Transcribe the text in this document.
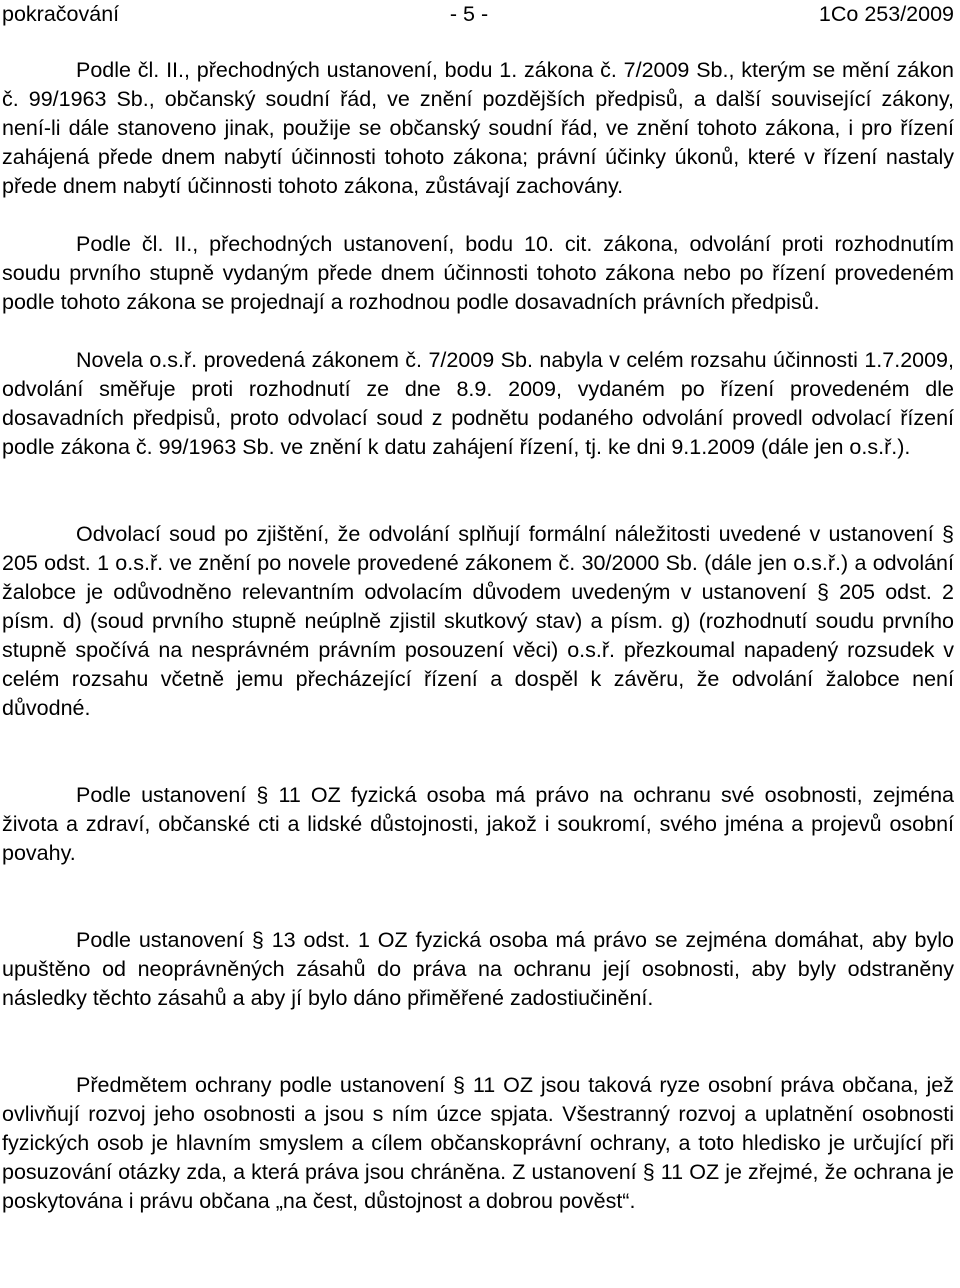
pokračování	- 5 -	1Co 253/2009

Podle čl. II., přechodných ustanovení, bodu 1. zákona č. 7/2009 Sb., kterým se mění zákon č. 99/1963 Sb., občanský soudní řád, ve znění pozdějších předpisů, a další související zákony, není-li dále stanoveno jinak, použije se občanský soudní řád, ve znění tohoto zákona, i pro řízení zahájená přede dnem nabytí účinnosti tohoto zákona; právní účinky úkonů, které v řízení nastaly přede dnem nabytí účinnosti tohoto zákona, zůstávají zachovány.

Podle čl. II., přechodných ustanovení, bodu 10. cit. zákona, odvolání proti rozhodnutím soudu prvního stupně vydaným přede dnem účinnosti tohoto zákona nebo po řízení provedeném podle tohoto zákona se projednají a rozhodnou podle dosavadních právních předpisů.

Novela o.s.ř. provedená zákonem č. 7/2009 Sb. nabyla v celém rozsahu účinnosti 1.7.2009, odvolání směřuje proti rozhodnutí ze dne 8.9. 2009, vydaném po řízení provedeném dle dosavadních předpisů, proto odvolací soud z podnětu podaného odvolání provedl odvolací řízení podle zákona č. 99/1963 Sb. ve znění k datu zahájení řízení, tj. ke dni 9.1.2009 (dále jen o.s.ř.).

Odvolací soud po zjištění, že odvolání splňují formální náležitosti uvedené v ustanovení § 205 odst. 1 o.s.ř. ve znění po novele provedené zákonem č. 30/2000 Sb. (dále jen o.s.ř.) a odvolání žalobce je odůvodněno relevantním odvolacím důvodem uvedeným v ustanovení § 205 odst. 2 písm. d) (soud prvního stupně neúplně zjistil skutkový stav) a písm. g) (rozhodnutí soudu prvního stupně spočívá na nesprávném právním posouzení věci) o.s.ř. přezkoumal napadený rozsudek v celém rozsahu včetně jemu přecházející řízení a dospěl k závěru, že odvolání žalobce není důvodné.

Podle ustanovení § 11 OZ fyzická osoba má právo na ochranu své osobnosti, zejména života a zdraví, občanské cti a lidské důstojnosti, jakož i soukromí, svého jména a projevů osobní povahy.

Podle ustanovení § 13 odst. 1 OZ fyzická osoba má právo se zejména domáhat, aby bylo upuštěno od neoprávněných zásahů do práva na ochranu její osobnosti, aby byly odstraněny následky těchto zásahů a aby jí bylo dáno přiměřené zadostiučinění.

Předmětem ochrany podle ustanovení § 11 OZ jsou taková ryze osobní práva občana, jež ovlivňují rozvoj jeho osobnosti a jsou s ním úzce spjata. Všestranný rozvoj a uplatnění osobnosti fyzických osob je hlavním smyslem a cílem občanskoprávní ochrany, a toto hledisko je určující při posuzování otázky zda, a která práva jsou chráněna. Z ustanovení § 11 OZ je zřejmé, že ochrana je poskytována i právu občana „na čest, důstojnost a dobrou pověst“.
